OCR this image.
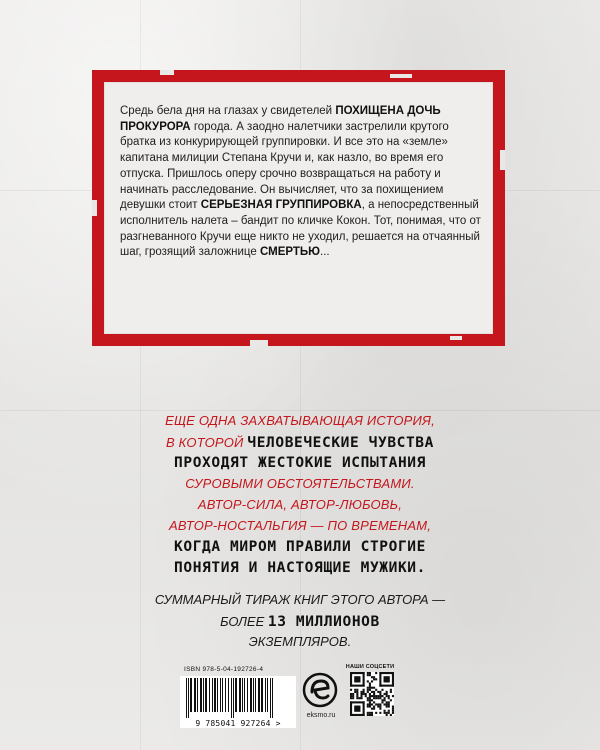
Средь бела дня на глазах у свидетелей ПОХИЩЕНА ДОЧЬ ПРОКУРОРА города. А заодно налетчики застрелили крутого братка из конкурирующей группировки. И все это на «земле» капитана милиции Степана Кручи и, как назло, во время его отпуска. Пришлось оперу срочно возвращаться на работу и начинать расследование. Он вычисляет, что за похищением девушки стоит СЕРЬЕЗНАЯ ГРУППИРОВКА, а непосредственный исполнитель налета – бандит по кличке Кокон. Тот, понимая, что от разгневанного Кручи еще никто не уходил, решается на отчаянный шаг, грозящий заложнице СМЕРТЬЮ...
ЕЩЕ ОДНА ЗАХВАТЫВАЮЩАЯ ИСТОРИЯ,
В КОТОРОЙ ЧЕЛОВЕЧЕСКИЕ ЧУВСТВА
ПРОХОДЯТ ЖЕСТОКИЕ ИСПЫТАНИЯ
СУРОВЫМИ ОБСТОЯТЕЛЬСТВАМИ.
АВТОР-СИЛА, АВТОР-ЛЮБОВЬ,
АВТОР-НОСТАЛЬГИЯ — ПО ВРЕМЕНАМ,
КОГДА МИРОМ ПРАВИЛИ СТРОГИЕ
ПОНЯТИЯ И НАСТОЯЩИЕ МУЖИКИ.
СУММАРНЫЙ ТИРАЖ КНИГ ЭТОГО АВТОРА —
БОЛЕЕ 13 МИЛЛИОНОВ
ЭКЗЕМПЛЯРОВ.
ISBN 978-5-04-192726-4
9 785041 927264 >
eksmo.ru
НАШИ СОЦСЕТИ
